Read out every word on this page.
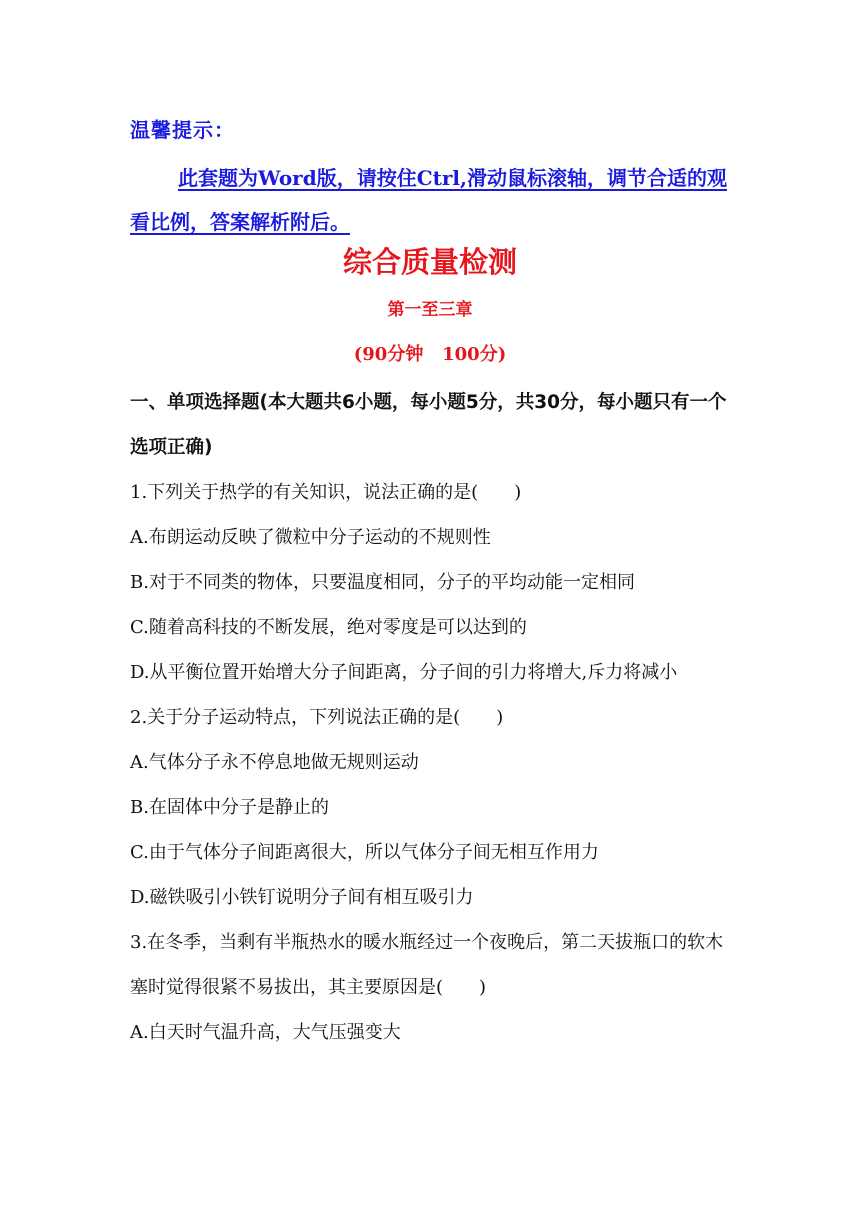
温馨提示：
此套题为Word版，请按住Ctrl,滑动鼠标滚轴，调节合适的观看比例，答案解析附后。
综合质量检测
第一至三章
(90分钟   100分)
一、单项选择题(本大题共6小题，每小题5分，共30分，每小题只有一个选项正确)
1.下列关于热学的有关知识，说法正确的是(　　)
A.布朗运动反映了微粒中分子运动的不规则性
B.对于不同类的物体，只要温度相同，分子的平均动能一定相同
C.随着高科技的不断发展，绝对零度是可以达到的
D.从平衡位置开始增大分子间距离，分子间的引力将增大,斥力将减小
2.关于分子运动特点，下列说法正确的是(　　)
A.气体分子永不停息地做无规则运动
B.在固体中分子是静止的
C.由于气体分子间距离很大，所以气体分子间无相互作用力
D.磁铁吸引小铁钉说明分子间有相互吸引力
3.在冬季，当剩有半瓶热水的暖水瓶经过一个夜晚后，第二天拔瓶口的软木塞时觉得很紧不易拔出，其主要原因是(　　)
A.白天时气温升高，大气压强变大
